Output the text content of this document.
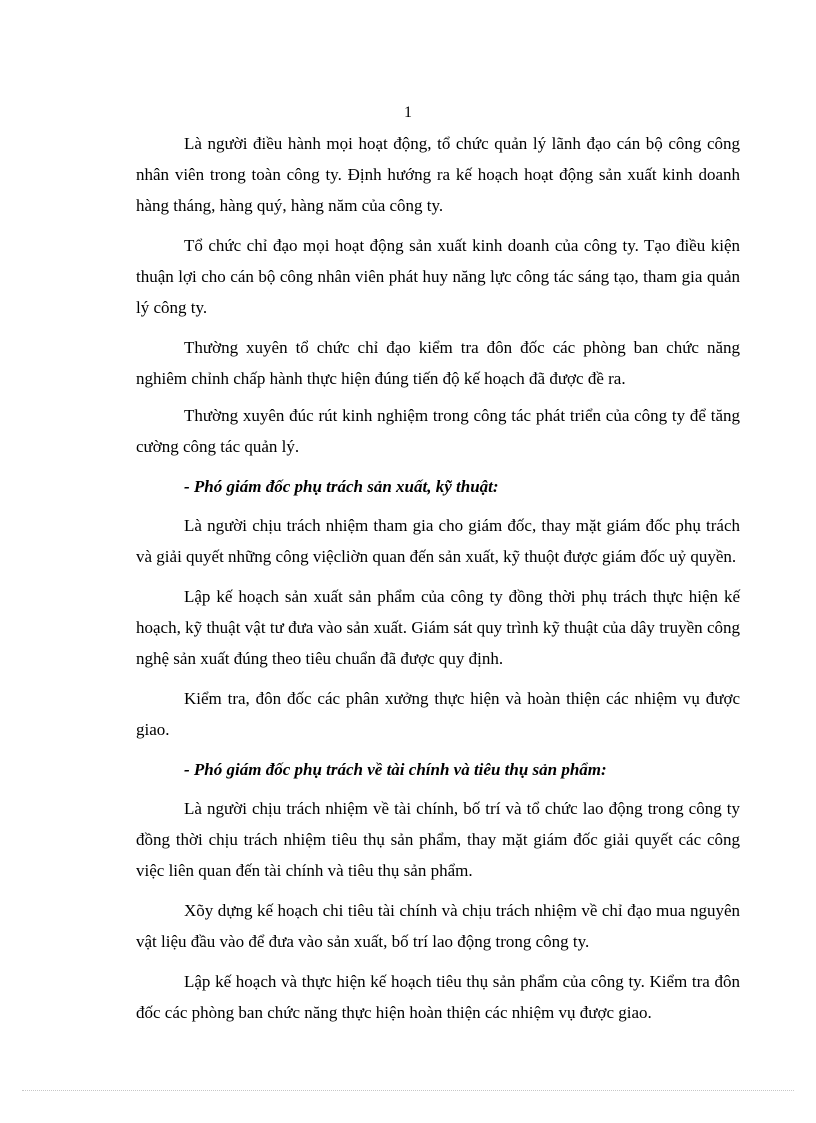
1

Là người điều hành mọi hoạt động, tổ chức quản lý lãnh đạo cán bộ công công nhân viên trong toàn công ty. Định hướng ra kế hoạch hoạt động sản xuất kinh doanh hàng tháng, hàng quý, hàng năm của công ty.

Tổ chức chỉ đạo mọi hoạt động sản xuất kinh doanh của công ty. Tạo điều kiện thuận lợi cho cán bộ công nhân viên phát huy năng lực công tác sáng tạo, tham gia quản lý công ty.

Thường xuyên tổ chức chỉ đạo kiểm tra đôn đốc các phòng ban chức năng nghiêm chỉnh chấp hành thực hiện đúng tiến độ kế hoạch đã được đề ra.

Thường xuyên đúc rút kinh nghiệm trong công tác phát triển của công ty để tăng cường công tác quản lý.

- Phó giám đốc phụ trách sản xuất, kỹ thuật:

Là người chịu trách nhiệm tham gia cho giám đốc, thay mặt giám đốc phụ trách và giải quyết những công việcliờn quan đến sản xuất, kỹ thuột được giám đốc uỷ quyền.

Lập kế hoạch sản xuất sản phẩm của công ty đồng thời phụ trách thực hiện kế hoạch, kỹ thuật vật tư đưa vào sản xuất. Giám sát quy trình kỹ thuật của dây truyền công nghệ sản xuất đúng theo tiêu chuẩn đã được quy định.

Kiểm tra, đôn đốc các phân xưởng thực hiện và hoàn thiện các nhiệm vụ được giao.

- Phó giám đốc phụ trách về tài chính và tiêu thụ sản phẩm:

Là người chịu trách nhiệm về tài chính, bố trí và tổ chức lao động trong công ty đồng thời chịu trách nhiệm tiêu thụ sản phẩm, thay mặt giám đốc giải quyết các công việc liên quan đến tài chính và tiêu thụ sản phẩm.

Xõy dựng kế hoạch chi tiêu tài chính và chịu trách nhiệm về chỉ đạo mua nguyên vật liệu đầu vào để đưa vào sản xuất, bố trí lao động trong công ty.

Lập kế hoạch và thực hiện kế hoạch tiêu thụ sản phẩm của công ty. Kiểm tra đôn đốc các phòng ban chức năng thực hiện hoàn thiện các nhiệm vụ được giao.
